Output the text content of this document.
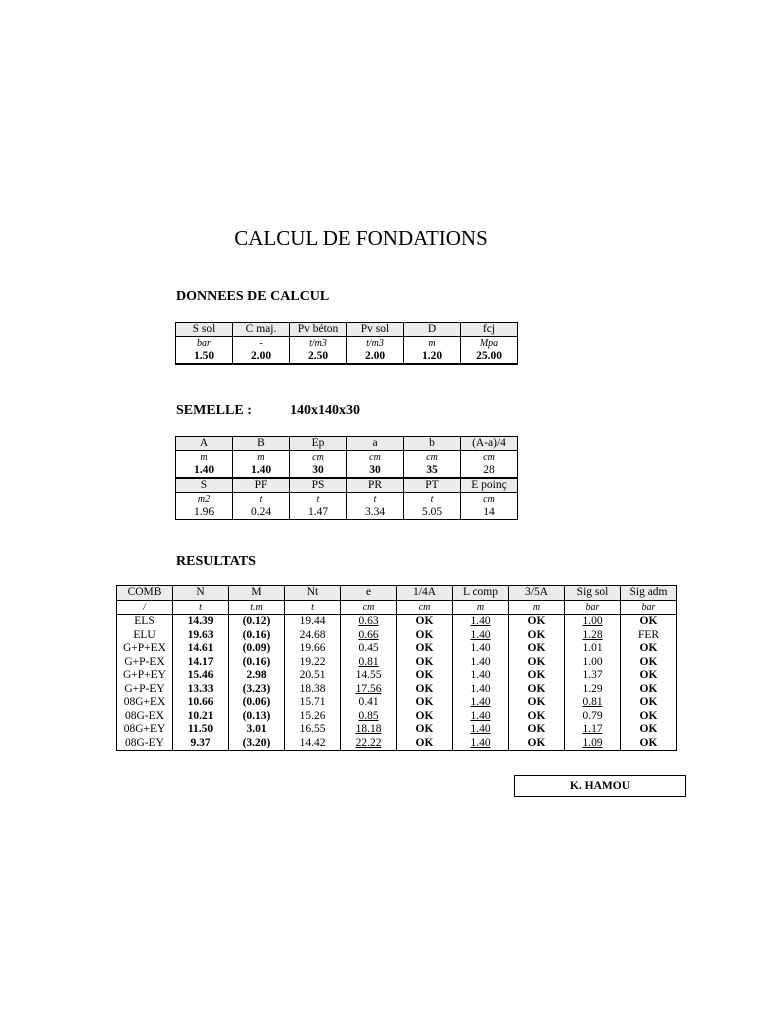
CALCUL DE FONDATIONS
DONNEES DE CALCUL
S sol	C maj.	Pv béton	Pv sol	D	fcj
bar	-	t/m3	t/m3	m	Mpa
1.50	2.00	2.50	2.00	1.20	25.00
SEMELLE :	140x140x30
A	B	Ep	a	b	(A-a)/4
m	m	cm	cm	cm	cm
1.40	1.40	30	30	35	28
S	PF	PS	PR	PT	E poinç
m2	t	t	t	t	cm
1.96	0.24	1.47	3.34	5.05	14
RESULTATS
COMB	N	M	Nt	e	1/4A	L comp	3/5A	Sig sol	Sig adm
/	t	t.m	t	cm	cm	m	m	bar	bar
ELS	14.39	(0.12)	19.44	0.63	OK	1.40	OK	1.00	OK
ELU	19.63	(0.16)	24.68	0.66	OK	1.40	OK	1.28	FER
G+P+EX	14.61	(0.09)	19.66	0.45	OK	1.40	OK	1.01	OK
G+P-EX	14.17	(0.16)	19.22	0.81	OK	1.40	OK	1.00	OK
G+P+EY	15.46	2.98	20.51	14.55	OK	1.40	OK	1.37	OK
G+P-EY	13.33	(3.23)	18.38	17.56	OK	1.40	OK	1.29	OK
08G+EX	10.66	(0.06)	15.71	0.41	OK	1.40	OK	0.81	OK
08G-EX	10.21	(0.13)	15.26	0.85	OK	1.40	OK	0.79	OK
08G+EY	11.50	3.01	16.55	18.18	OK	1.40	OK	1.17	OK
08G-EY	9.37	(3.20)	14.42	22.22	OK	1.40	OK	1.09	OK
K. HAMOU
